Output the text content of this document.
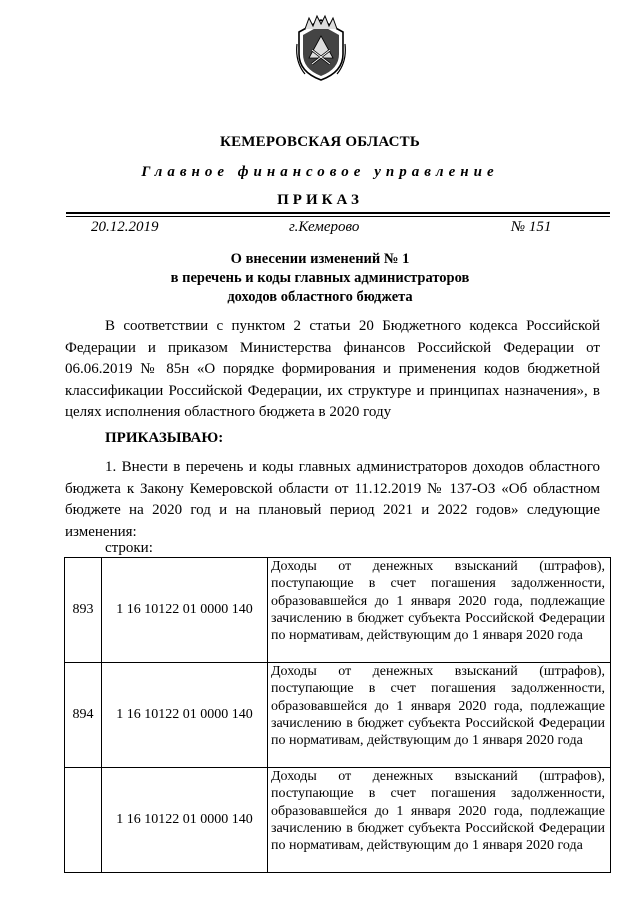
КЕМЕРОВСКАЯ ОБЛАСТЬ
Главное финансовое управление
ПРИКАЗ
20.12.2019	г.Кемерово	№ 151
О внесении изменений № 1
в перечень и коды главных администраторов
доходов областного бюджета
В соответствии с пунктом 2 статьи 20 Бюджетного кодекса Российской Федерации и приказом Министерства финансов Российской Федерации от 06.06.2019 № 85н «О порядке формирования и применения кодов бюджетной классификации Российской Федерации, их структуре и принципах назначения», в целях исполнения областного бюджета в 2020 году
ПРИКАЗЫВАЮ:
1. Внести в перечень и коды главных администраторов доходов областного бюджета к Закону Кемеровской области от 11.12.2019 № 137-ОЗ «Об областном бюджете на 2020 год и на плановый период 2021 и 2022 годов» следующие изменения:
строки:
893	1 16 10122 01 0000 140	Доходы от денежных взысканий (штрафов), поступающие в счет погашения задолженности, образовавшейся до 1 января 2020 года, подлежащие зачислению в бюджет субъекта Российской Федерации по нормативам, действующим до 1 января 2020 года
894	1 16 10122 01 0000 140	Доходы от денежных взысканий (штрафов), поступающие в счет погашения задолженности, образовавшейся до 1 января 2020 года, подлежащие зачислению в бюджет субъекта Российской Федерации по нормативам, действующим до 1 января 2020 года
	1 16 10122 01 0000 140	Доходы от денежных взысканий (штрафов), поступающие в счет погашения задолженности, образовавшейся до 1 января 2020 года, подлежащие зачислению в бюджет субъекта Российской Федерации по нормативам, действующим до 1 января 2020 года
